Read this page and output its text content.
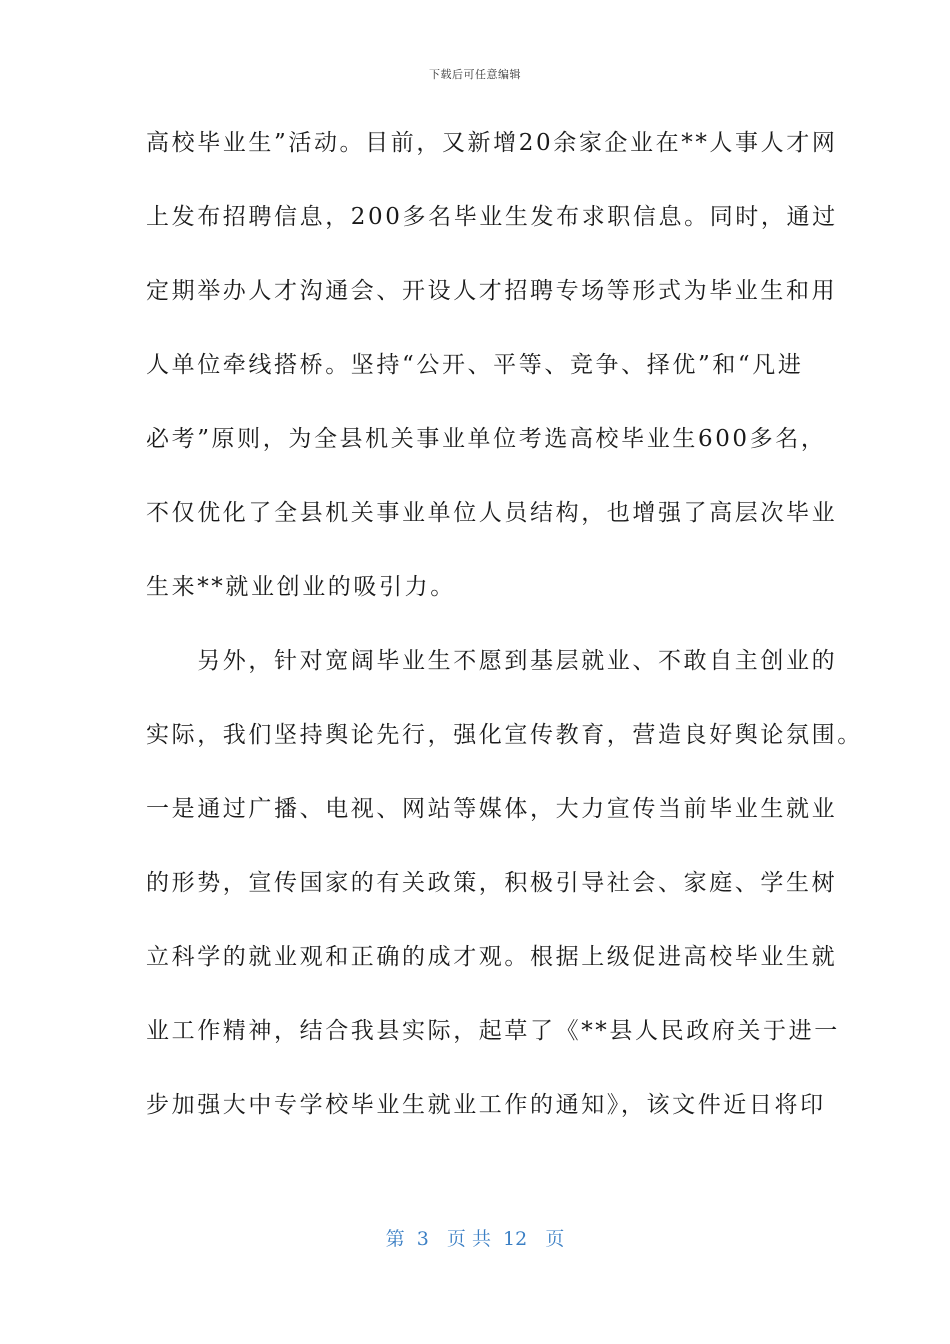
下载后可任意编辑
高校毕业生”活动。目前，又新增20余家企业在**人事人才网
上发布招聘信息，200多名毕业生发布求职信息。同时，通过
定期举办人才沟通会、开设人才招聘专场等形式为毕业生和用
人单位牵线搭桥。坚持“公开、平等、竞争、择优”和“凡进
必考”原则，为全县机关事业单位考选高校毕业生600多名，
不仅优化了全县机关事业单位人员结构，也增强了高层次毕业
生来**就业创业的吸引力。
　　另外，针对宽阔毕业生不愿到基层就业、不敢自主创业的
实际，我们坚持舆论先行，强化宣传教育，营造良好舆论氛围。
一是通过广播、电视、网站等媒体，大力宣传当前毕业生就业
的形势，宣传国家的有关政策，积极引导社会、家庭、学生树
立科学的就业观和正确的成才观。根据上级促进高校毕业生就
业工作精神，结合我县实际，起草了《**县人民政府关于进一
步加强大中专学校毕业生就业工作的通知》，该文件近日将印
第  3   页 共  12   页
